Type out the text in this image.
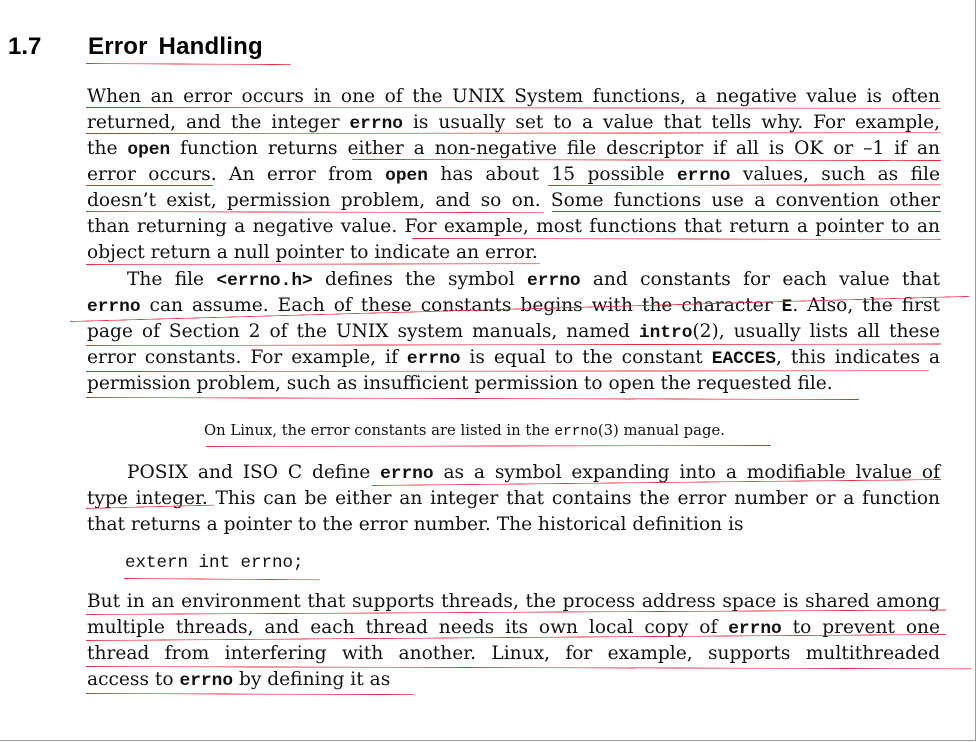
1.7 Error Handling
When an error occurs in one of the UNIX System functions, a negative value is often
returned, and the integer errno is usually set to a value that tells why. For example,
the open function returns either a non-negative file descriptor if all is OK or –1 if an
error occurs. An error from open has about 15 possible errno values, such as file
doesn’t exist, permission problem, and so on. Some functions use a convention other
than returning a negative value. For example, most functions that return a pointer to an
object return a null pointer to indicate an error.
The file <errno.h> defines the symbol errno and constants for each value that
errno can assume. Each of these constants begins with the character E. Also, the first
page of Section 2 of the UNIX system manuals, named intro(2), usually lists all these
error constants. For example, if errno is equal to the constant EACCES, this indicates a
permission problem, such as insufficient permission to open the requested file.
On Linux, the error constants are listed in the errno(3) manual page.
POSIX and ISO C define errno as a symbol expanding into a modifiable lvalue of
type integer. This can be either an integer that contains the error number or a function
that returns a pointer to the error number. The historical definition is
extern int errno;
But in an environment that supports threads, the process address space is shared among
multiple threads, and each thread needs its own local copy of errno to prevent one
thread from interfering with another. Linux, for example, supports multithreaded
access to errno by defining it as
